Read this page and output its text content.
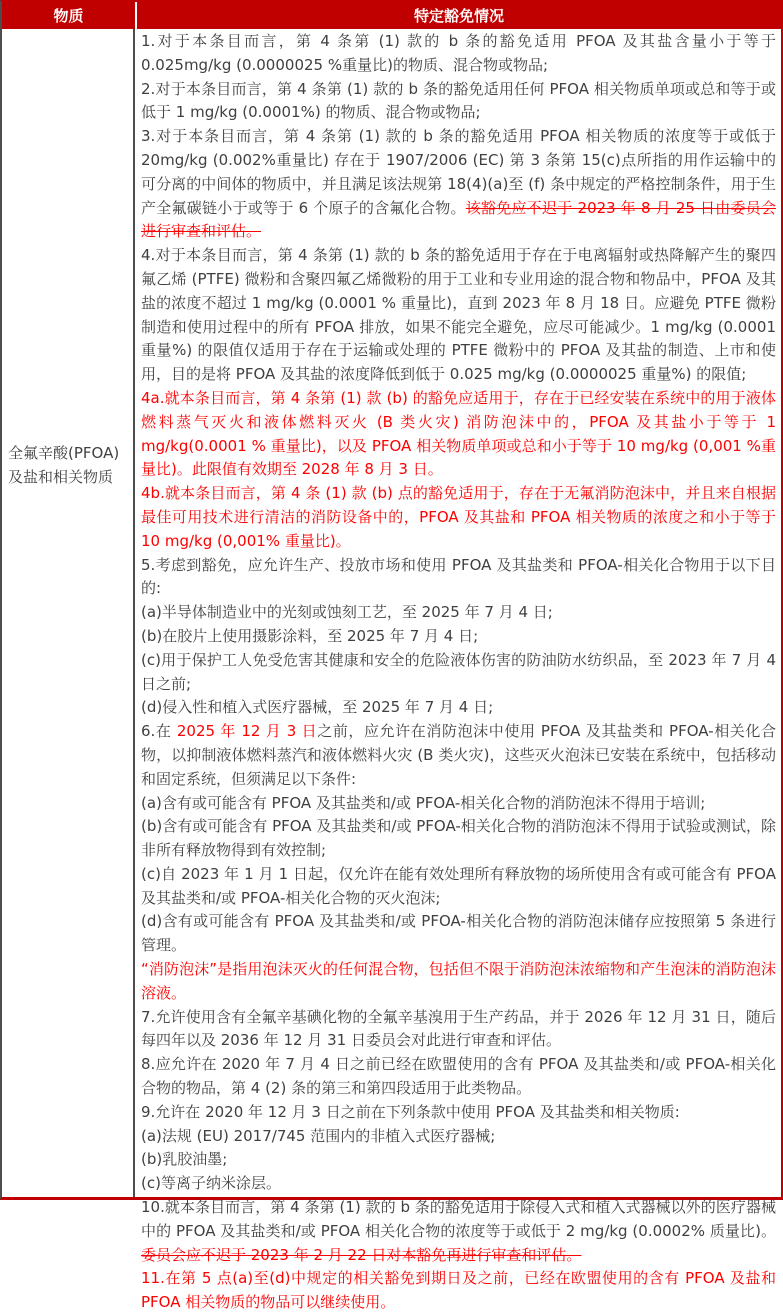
物质	特定豁免情况
全氟辛酸(PFOA)及盐和相关物质
1.对于本条目而言，第 4 条第 (1) 款的 b 条的豁免适用 PFOA 及其盐含量小于等于 0.025mg/kg (0.0000025 %重量比)的物质、混合物或物品;
2.对于本条目而言，第 4 条第 (1) 款的 b 条的豁免适用任何 PFOA 相关物质单项或总和等于或低于 1 mg/kg (0.0001%) 的物质、混合物或物品;
3.对于本条目而言，第 4 条第 (1) 款的 b 条的豁免适用 PFOA 相关物质的浓度等于或低于 20mg/kg (0.002%重量比) 存在于 1907/2006 (EC) 第 3 条第 15(c)点所指的用作运输中的可分离的中间体的物质中，并且满足该法规第 18(4)(a)至 (f) 条中规定的严格控制条件，用于生产全氟碳链小于或等于 6 个原子的含氟化合物。该豁免应不迟于 2023 年 8 月 25 日由委员会进行审查和评估。
4.对于本条目而言，第 4 条第 (1) 款的 b 条的豁免适用于存在于电离辐射或热降解产生的聚四氟乙烯 (PTFE) 微粉和含聚四氟乙烯微粉的用于工业和专业用途的混合物和物品中，PFOA 及其盐的浓度不超过 1 mg/kg (0.0001 % 重量比)，直到 2023 年 8 月 18 日。应避免 PTFE 微粉制造和使用过程中的所有 PFOA 排放，如果不能完全避免，应尽可能减少。1 mg/kg (0.0001 重量%) 的限值仅适用于存在于运输或处理的 PTFE 微粉中的 PFOA 及其盐的制造、上市和使用，目的是将 PFOA 及其盐的浓度降低到低于 0.025 mg/kg (0.0000025 重量%) 的限值;
4a.就本条目而言，第 4 条第 (1) 款 (b) 的豁免应适用于，存在于已经安装在系统中的用于液体燃料蒸气灭火和液体燃料灭火 (B 类火灾) 消防泡沫中的，PFOA 及其盐小于等于 1 mg/kg(0.0001 % 重量比)，以及 PFOA 相关物质单项或总和小于等于 10 mg/kg (0,001 %重量比)。此限值有效期至 2028 年 8 月 3 日。
4b.就本条目而言，第 4 条 (1) 款 (b) 点的豁免适用于，存在于无氟消防泡沫中，并且来自根据最佳可用技术进行清洁的消防设备中的，PFOA 及其盐和 PFOA 相关物质的浓度之和小于等于 10 mg/kg (0,001% 重量比)。
5.考虑到豁免，应允许生产、投放市场和使用 PFOA 及其盐类和 PFOA-相关化合物用于以下目的:
(a)半导体制造业中的光刻或蚀刻工艺，至 2025 年 7 月 4 日;
(b)在胶片上使用摄影涂料，至 2025 年 7 月 4 日;
(c)用于保护工人免受危害其健康和安全的危险液体伤害的防油防水纺织品，至 2023 年 7 月 4 日之前;
(d)侵入性和植入式医疗器械，至 2025 年 7 月 4 日;
6.在 2025 年 12 月 3 日之前，应允许在消防泡沫中使用 PFOA 及其盐类和 PFOA-相关化合物，以抑制液体燃料蒸汽和液体燃料火灾 (B 类火灾)，这些灭火泡沫已安装在系统中，包括移动和固定系统，但须满足以下条件:
(a)含有或可能含有 PFOA 及其盐类和/或 PFOA-相关化合物的消防泡沫不得用于培训;
(b)含有或可能含有 PFOA 及其盐类和/或 PFOA-相关化合物的消防泡沫不得用于试验或测试，除非所有释放物得到有效控制;
(c)自 2023 年 1 月 1 日起，仅允许在能有效处理所有释放物的场所使用含有或可能含有 PFOA 及其盐类和/或 PFOA-相关化合物的灭火泡沫;
(d)含有或可能含有 PFOA 及其盐类和/或 PFOA-相关化合物的消防泡沫储存应按照第 5 条进行管理。
“消防泡沫”是指用泡沫灭火的任何混合物，包括但不限于消防泡沫浓缩物和产生泡沫的消防泡沫溶液。
7.允许使用含有全氟辛基碘化物的全氟辛基溴用于生产药品，并于 2026 年 12 月 31 日，随后每四年以及 2036 年 12 月 31 日委员会对此进行审查和评估。
8.应允许在 2020 年 7 月 4 日之前已经在欧盟使用的含有 PFOA 及其盐类和/或 PFOA-相关化合物的物品，第 4 (2) 条的第三和第四段适用于此类物品。
9.允许在 2020 年 12 月 3 日之前在下列条款中使用 PFOA 及其盐类和相关物质:
(a)法规 (EU) 2017/745 范围内的非植入式医疗器械;
(b)乳胶油墨;
(c)等离子纳米涂层。
10.就本条目而言，第 4 条第 (1) 款的 b 条的豁免适用于除侵入式和植入式器械以外的医疗器械中的 PFOA 及其盐类和/或 PFOA 相关化合物的浓度等于或低于 2 mg/kg (0.0002% 质量比)。委员会应不迟于 2023 年 2 月 22 日对本豁免再进行审查和评估。
11.在第 5 点(a)至(d)中规定的相关豁免到期日及之前，已经在欧盟使用的含有 PFOA 及盐和 PFOA 相关物质的物品可以继续使用。
